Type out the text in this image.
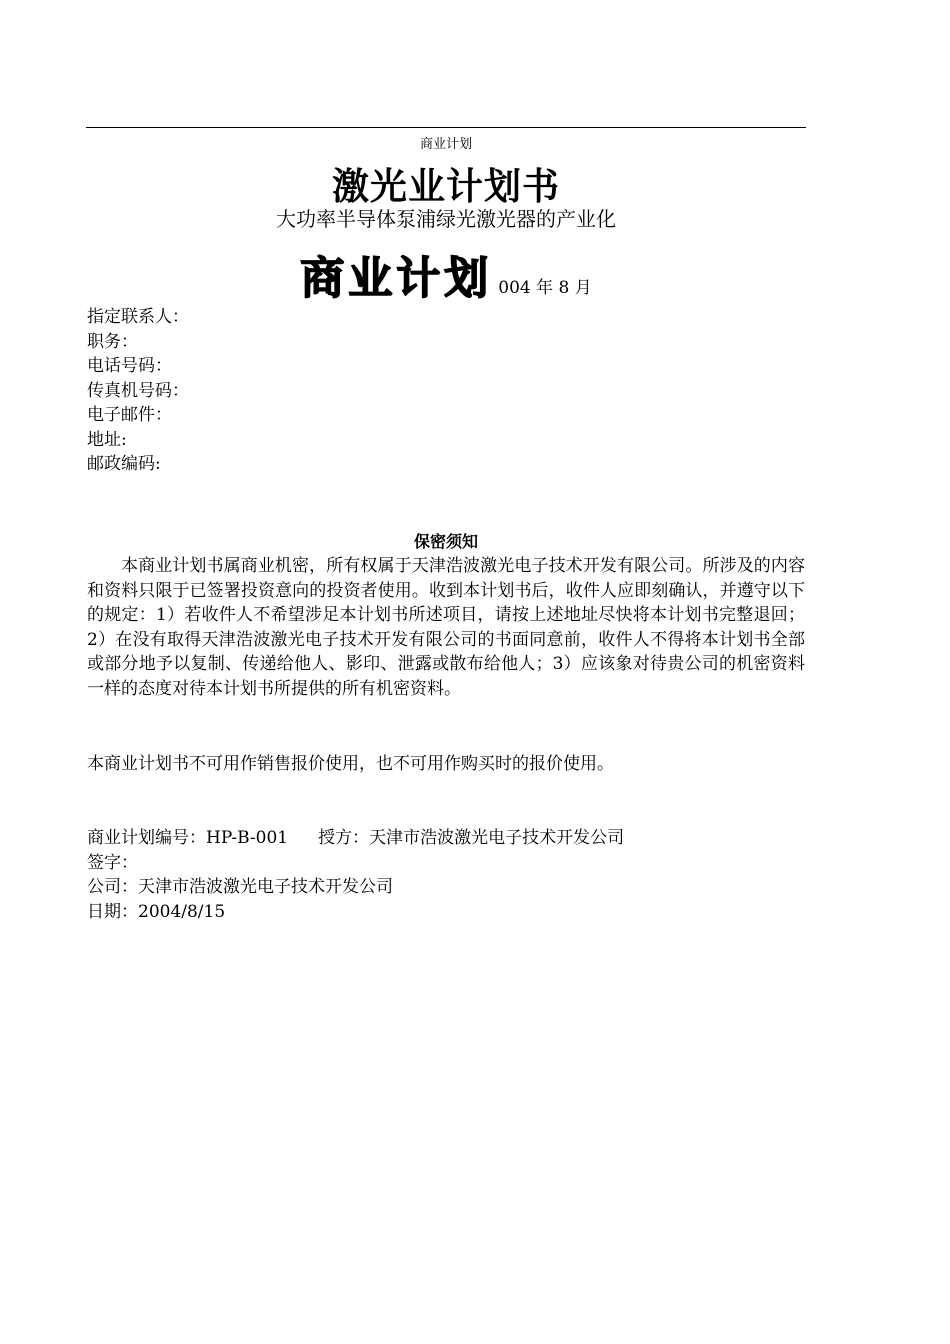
商业计划
激光业计划书
大功率半导体泵浦绿光激光器的产业化
商业计划 004 年 8 月
指定联系人：
职务：
电话号码：
传真机号码：
电子邮件：
地址:
邮政编码:
保密须知
本商业计划书属商业机密，所有权属于天津浩波激光电子技术开发有限公司。所涉及的内容和资料只限于已签署投资意向的投资者使用。收到本计划书后，收件人应即刻确认，并遵守以下的规定：1）若收件人不希望涉足本计划书所述项目，请按上述地址尽快将本计划书完整退回；2）在没有取得天津浩波激光电子技术开发有限公司的书面同意前，收件人不得将本计划书全部或部分地予以复制、传递给他人、影印、泄露或散布给他人；3）应该象对待贵公司的机密资料一样的态度对待本计划书所提供的所有机密资料。
本商业计划书不可用作销售报价使用，也不可用作购买时的报价使用。
商业计划编号：HP-B-001 授方：天津市浩波激光电子技术开发公司
签字：
公司：天津市浩波激光电子技术开发公司
日期：2004/8/15
